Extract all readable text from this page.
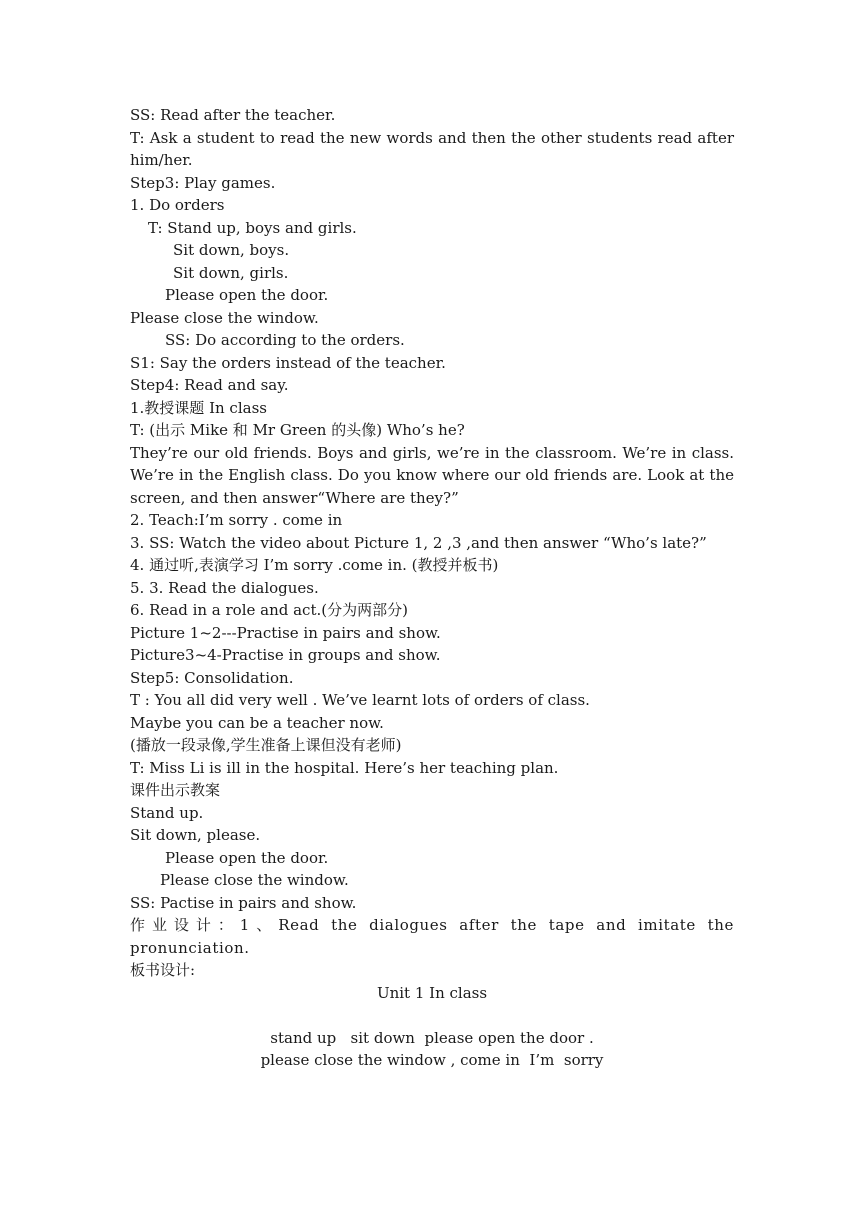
SS: Read after the teacher.
T: Ask a student to read the new words and then the other students read after him/her.
Step3: Play games.
1. Do orders
T: Stand up, boys and girls.
Sit down, boys.
Sit down, girls.
Please open the door.
Please close the window.
SS: Do according to the orders.
S1: Say the orders instead of the teacher.
Step4: Read and say.
1.教授课题 In class
T: (出示 Mike 和 Mr Green 的头像) Who’s he?
They’re our old friends. Boys and girls, we’re in the classroom. We’re in class. We’re in the English class. Do you know where our old friends are. Look at the screen, and then answer“Where are they?”
2. Teach:I’m sorry . come in
3. SS: Watch the video about Picture 1, 2 ,3 ,and then answer “Who’s late?”
4. 通过听,表演学习 I’m sorry .come in. (教授并板书)
5. 3. Read the dialogues.
6. Read in a role and act.(分为两部分)
Picture 1~2---Practise in pairs and show.
Picture3~4-Practise in groups and show.
Step5: Consolidation.
T : You all did very well . We’ve learnt lots of orders of class.
Maybe you can be a teacher now.
(播放一段录像,学生准备上课但没有老师)
T: Miss Li is ill in the hospital. Here’s her teaching plan.
课件出示教案
Stand up.
Sit down, please.
Please open the door.
Please close the window.
SS: Pactise in pairs and show.
作业设计：1、Read the dialogues after the tape and imitate the pronunciation.
板书设计:
Unit 1 In class
stand up   sit down  please open the door .
please close the window , come in  I’m  sorry
